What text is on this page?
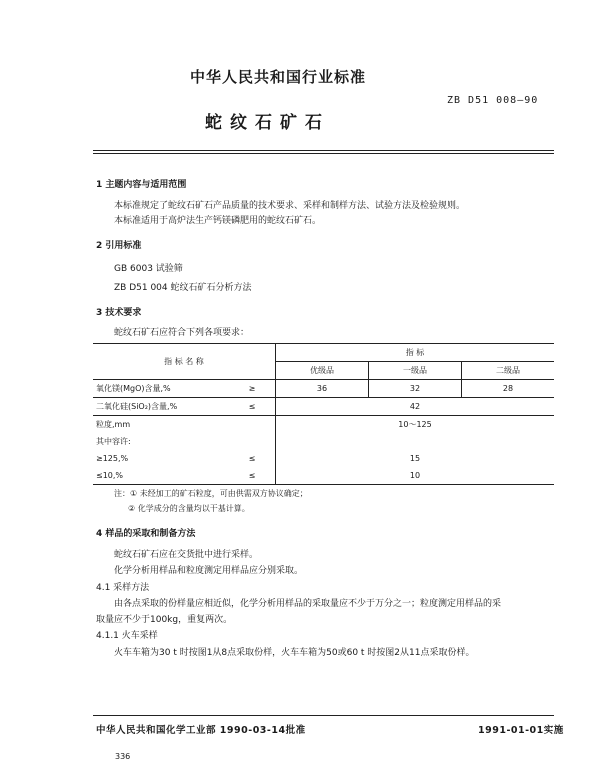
中华人民共和国行业标准
ZB D51 008—90
蛇纹石矿石
1 主题内容与适用范围
本标准规定了蛇纹石矿石产品质量的技术要求、采样和制样方法、试验方法及检验规则。
本标准适用于高炉法生产钙镁磷肥用的蛇纹石矿石。
2 引用标准
GB 6003 试验筛
ZB D51 004 蛇纹石矿石分析方法
3 技术要求
蛇纹石矿石应符合下列各项要求：
指 标 名 称		指 标		
		优级品	一级品	二级品
氧化镁(MgO)含量,%	≥	36	32	28
二氧化硅(SiO₂)含量,%	≤	42		
粒度,mm		10～125		
其中容许:				
≥125,%	≤	15		
≤10,%	≤	10		
注：① 未经加工的矿石粒度，可由供需双方协议确定；
② 化学成分的含量均以干基计算。
4 样品的采取和制备方法
蛇纹石矿石应在交货批中进行采样。
化学分析用样品和粒度测定用样品应分别采取。
4.1 采样方法
由各点采取的份样量应相近似，化学分析用样品的采取量应不少于万分之一；粒度测定用样品的采
取量应不少于100kg，重复两次。
4.1.1 火车采样
火车车箱为30 t 时按图1从8点采取份样，火车车箱为50或60 t 时按图2从11点采取份样。
中华人民共和国化学工业部 1990-03-14批准	1991-01-01实施
336
